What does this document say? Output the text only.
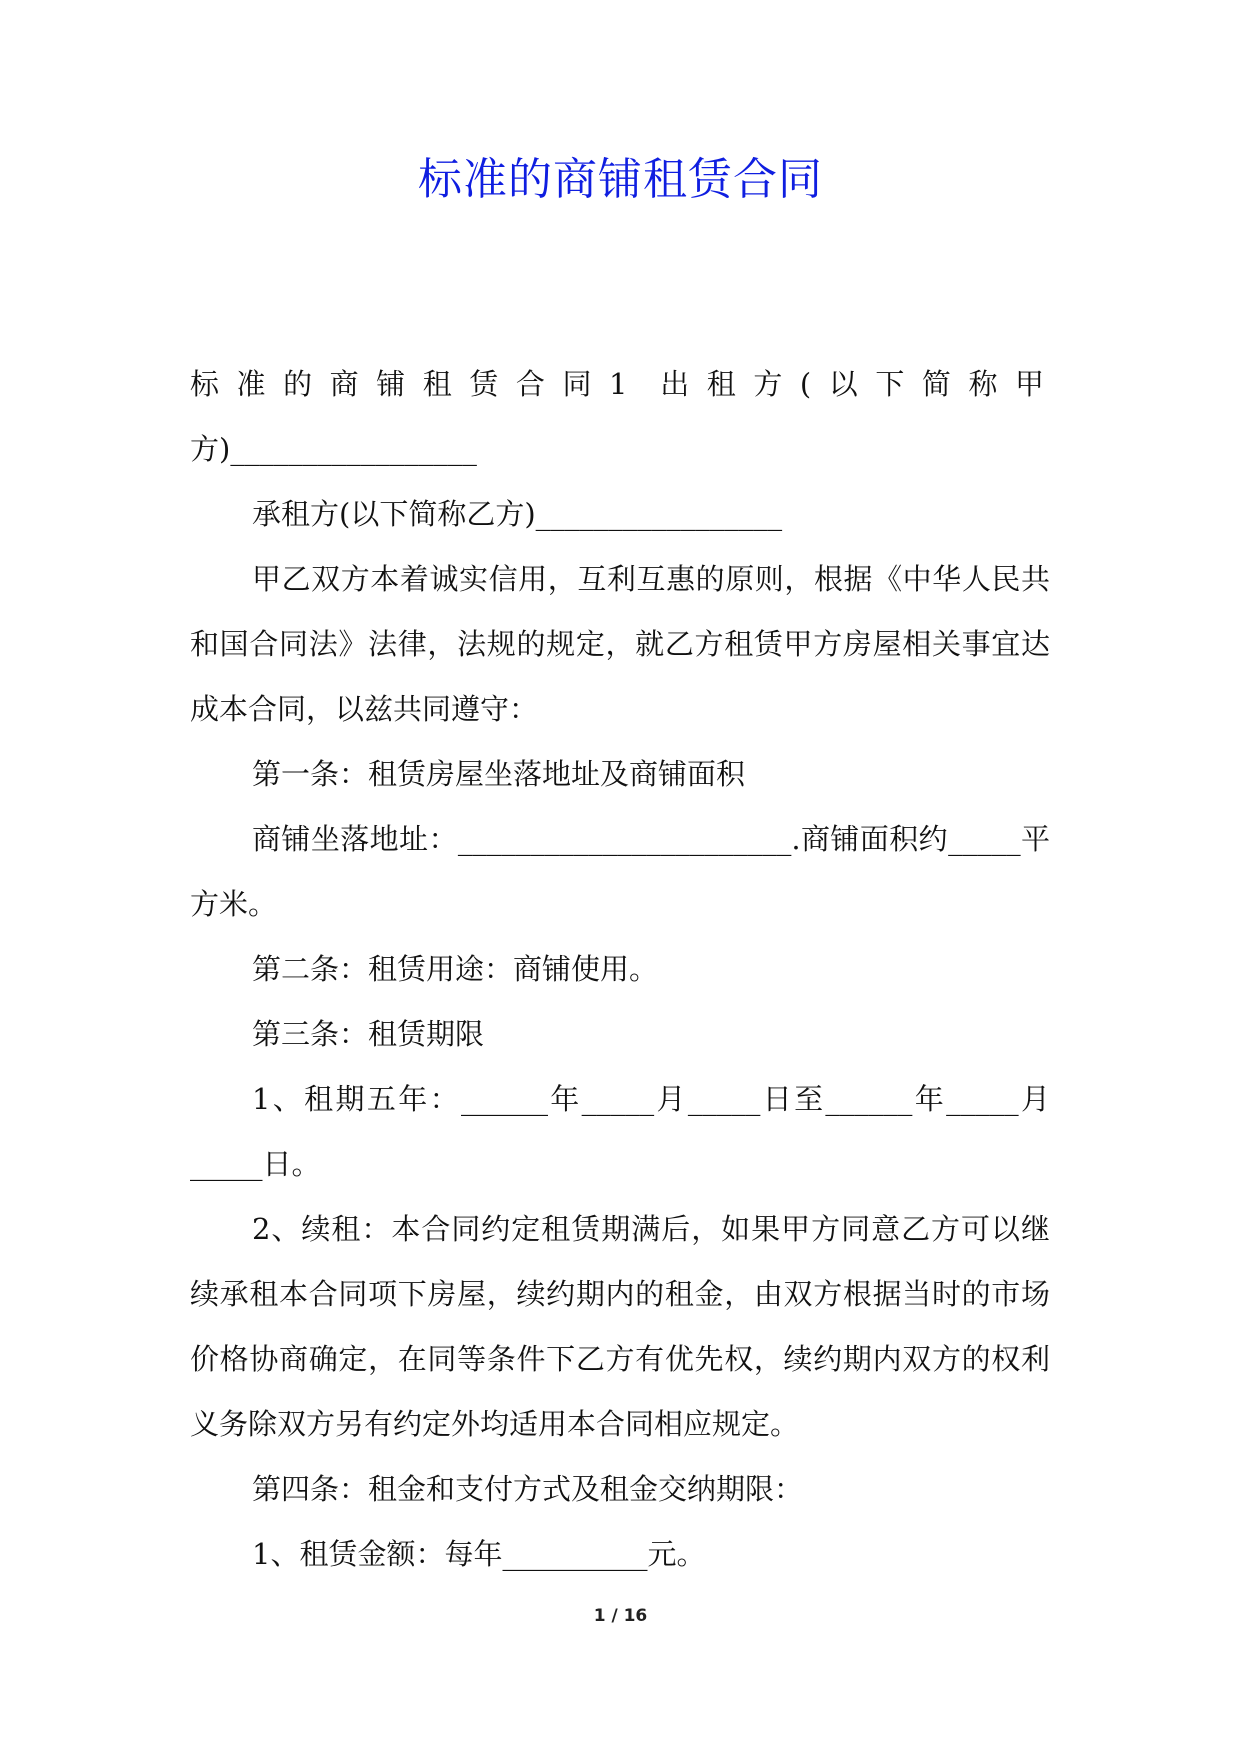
标准的商铺租赁合同

标准的商铺租赁合同1 出租方(以下简称甲

方)_________________

承租方(以下简称乙方)_________________

甲乙双方本着诚实信用，互利互惠的原则，根据《中华人民共和国合同法》法律，法规的规定，就乙方租赁甲方房屋相关事宜达成本合同，以兹共同遵守：

第一条：租赁房屋坐落地址及商铺面积

商铺坐落地址：_______________________.商铺面积约_____平方米。

第二条：租赁用途：商铺使用。

第三条：租赁期限

1、租期五年：______年_____月_____日至______年_____月_____日。

2、续租：本合同约定租赁期满后，如果甲方同意乙方可以继续承租本合同项下房屋，续约期内的租金，由双方根据当时的市场价格协商确定，在同等条件下乙方有优先权，续约期内双方的权利义务除双方另有约定外均适用本合同相应规定。

第四条：租金和支付方式及租金交纳期限：

1、租赁金额：每年__________元。

1 / 16
